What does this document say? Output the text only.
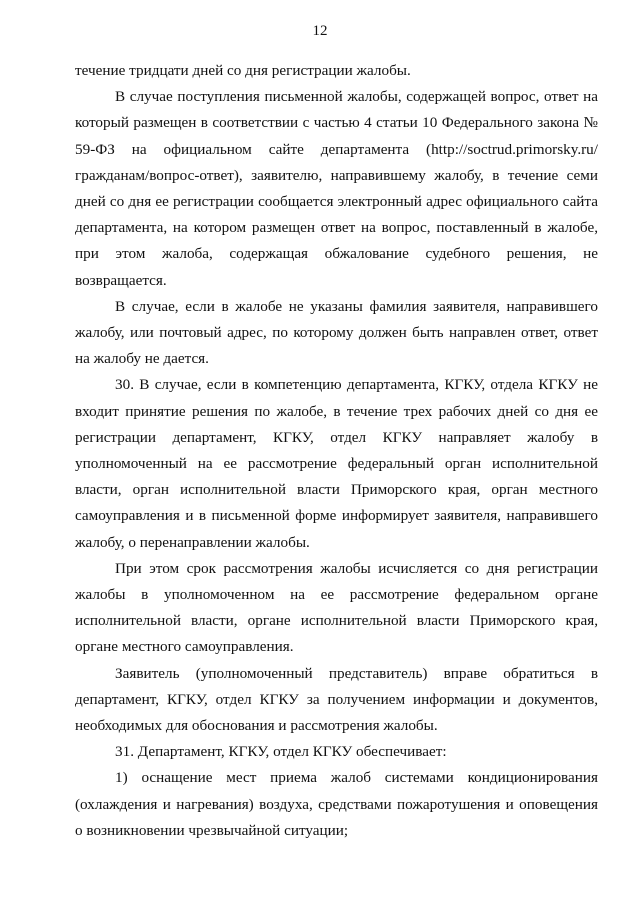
12

течение тридцати дней со дня регистрации жалобы.

В случае поступления письменной жалобы, содержащей вопрос, ответ на который размещен в соответствии с частью 4 статьи 10 Федерального закона № 59-ФЗ на официальном сайте департамента (http://soctrud.primorsky.ru/ гражданам/вопрос-ответ), заявителю, направившему жалобу, в течение семи дней со дня ее регистрации сообщается электронный адрес официального сайта департамента, на котором размещен ответ на вопрос, поставленный в жалобе, при этом жалоба, содержащая обжалование судебного решения, не возвращается.

В случае, если в жалобе не указаны фамилия заявителя, направившего жалобу, или почтовый адрес, по которому должен быть направлен ответ, ответ на жалобу не дается.

30. В случае, если в компетенцию департамента, КГКУ, отдела КГКУ не входит принятие решения по жалобе, в течение трех рабочих дней со дня ее регистрации департамент, КГКУ, отдел КГКУ направляет жалобу в уполномоченный на ее рассмотрение федеральный орган исполнительной власти, орган исполнительной власти Приморского края, орган местного самоуправления и в письменной форме информирует заявителя, направившего жалобу, о перенаправлении жалобы.

При этом срок рассмотрения жалобы исчисляется со дня регистрации жалобы в уполномоченном на ее рассмотрение федеральном органе исполнительной власти, органе исполнительной власти Приморского края, органе местного самоуправления.

Заявитель (уполномоченный представитель) вправе обратиться в департамент, КГКУ, отдел КГКУ за получением информации и документов, необходимых для обоснования и рассмотрения жалобы.

31. Департамент, КГКУ, отдел КГКУ обеспечивает:

1) оснащение мест приема жалоб системами кондиционирования (охлаждения и нагревания) воздуха, средствами пожаротушения и оповещения о возникновении чрезвычайной ситуации;
